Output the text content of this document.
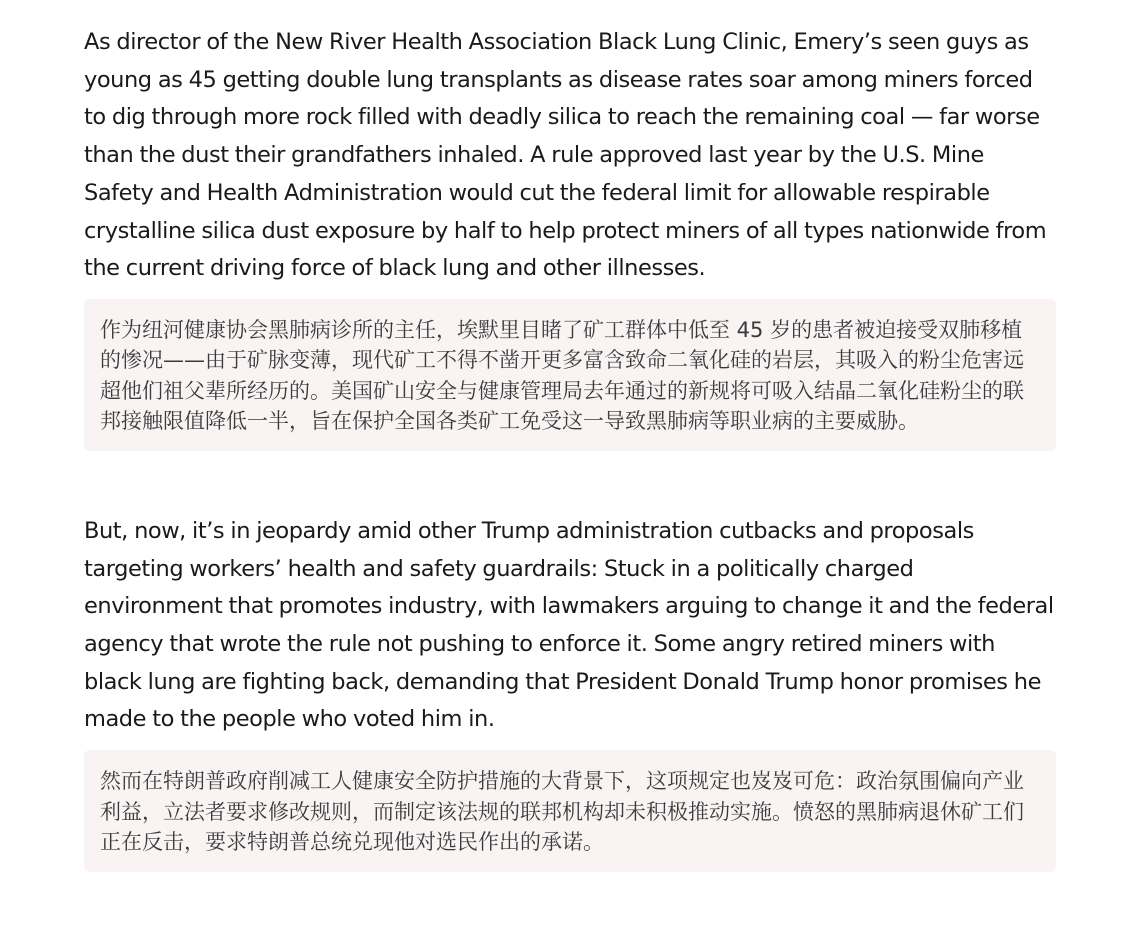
As director of the New River Health Association Black Lung Clinic, Emery’s seen guys as young as 45 getting double lung transplants as disease rates soar among miners forced to dig through more rock filled with deadly silica to reach the remaining coal — far worse than the dust their grandfathers inhaled. A rule approved last year by the U.S. Mine Safety and Health Administration would cut the federal limit for allowable respirable crystalline silica dust exposure by half to help protect miners of all types nationwide from the current driving force of black lung and other illnesses.

作为纽河健康协会黑肺病诊所的主任，埃默里目睹了矿工群体中低至 45 岁的患者被迫接受双肺移植的惨况——由于矿脉变薄，现代矿工不得不凿开更多富含致命二氧化硅的岩层，其吸入的粉尘危害远超他们祖父辈所经历的。美国矿山安全与健康管理局去年通过的新规将可吸入结晶二氧化硅粉尘的联邦接触限值降低一半，旨在保护全国各类矿工免受这一导致黑肺病等职业病的主要威胁。

But, now, it’s in jeopardy amid other Trump administration cutbacks and proposals targeting workers’ health and safety guardrails: Stuck in a politically charged environment that promotes industry, with lawmakers arguing to change it and the federal agency that wrote the rule not pushing to enforce it. Some angry retired miners with black lung are fighting back, demanding that President Donald Trump honor promises he made to the people who voted him in.

然而在特朗普政府削减工人健康安全防护措施的大背景下，这项规定也岌岌可危：政治氛围偏向产业利益，立法者要求修改规则，而制定该法规的联邦机构却未积极推动实施。愤怒的黑肺病退休矿工们正在反击，要求特朗普总统兑现他对选民作出的承诺。
